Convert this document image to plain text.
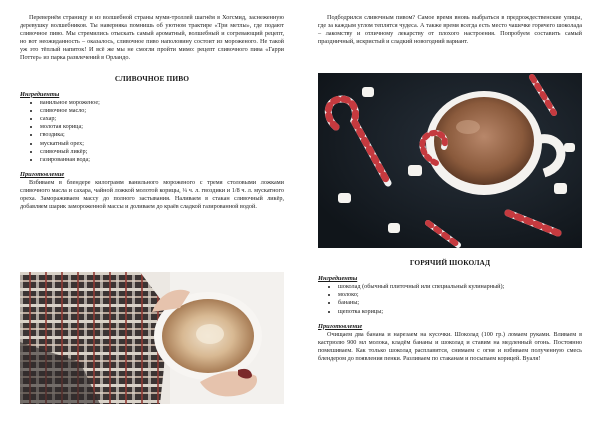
Перевернём страницу и из волшебной страны муми-троллей шагнём в Хогсмид, заснеженную деревушку волшебников. Ты наверняка помнишь об уютном трактире «Три метлы», где подают сливочное пиво. Мы стремились отыскать самый ароматный, волшебный и согревающий рецепт, но вот неожиданность – оказалось, сливочное пиво наполовину состоит из мороженого. Не такой уж это тёплый напиток! И всё же мы не смогли пройти мимо: рецепт сливочного пива «Гарри Поттер» из парка развлечений в Орландо.

СЛИВОЧНОЕ ПИВО
Ингредиенты
• ванильное мороженое;
• сливочное масло;
• сахар;
• молотая корица;
• гвоздика;
• мускатный орех;
• сливочный ликёр;
• газированная вода;
Приготовление

Взбиваем в блендере килограмм ванильного мороженого с тремя столовыми ложками сливочного масла и сахара, чайной ложкой молотой корицы, ¼ ч. л. гвоздики и 1/8 ч. л. мускатного ореха. Замораживаем массу до полного застывания. Наливаем в стакан сливочный ликёр, добавляем шарик замороженной массы и доливаем до краёв сладкой газированной водой.

Подбодрился сливочным пивом? Самое время вновь выбраться в предрождественские улицы, где за каждым углом теплятся чудеса. А также время всегда есть место чашечке горячего шоколада – лакомству и отличному лекарству от плохого настроения. Попробуем составить самый праздничный, искристый и сладкий новогодний вариант.

ГОРЯЧИЙ ШОКОЛАД
Ингредиенты
• шоколад (обычный плиточный или специальный кулинарный);
• молоко;
• бананы;
• щепотка корицы;
Приготовление

Очищаем два банана и нарезаем на кусочки. Шоколад (100 гр.) ломаем руками. Вливаем в кастрюлю 900 мл молока, кладём бананы и шоколад и ставим на медленный огонь. Постоянно помешиваем. Как только шоколад расплавится, снимаем с огня и взбиваем полученную смесь блендером до появления пенки. Разливаем по стаканам и посыпаем корицей. Вуаля!
